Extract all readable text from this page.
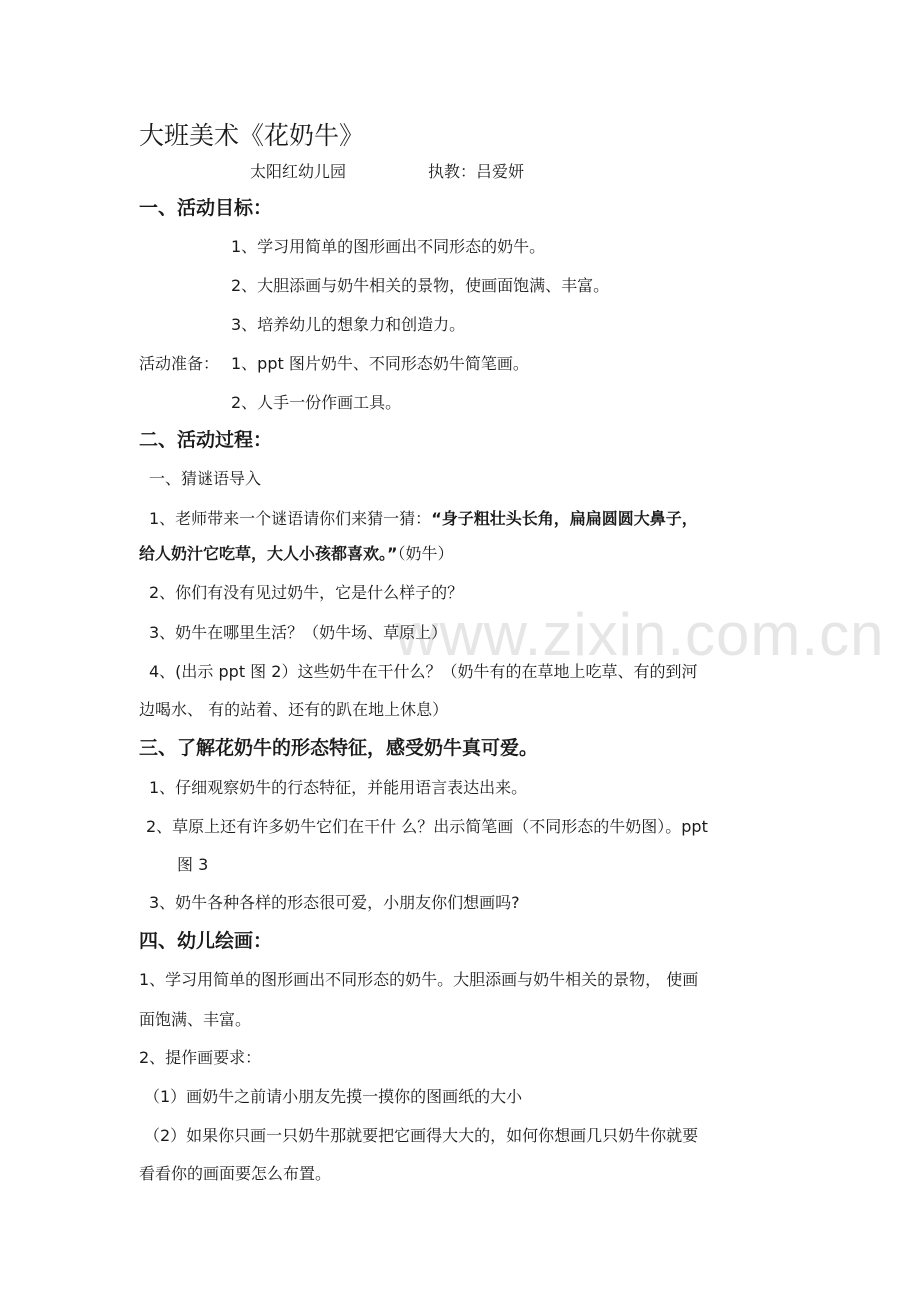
www.zixin.com.cn
大班美术《花奶牛》
太阳红幼儿园	执教：吕爱妍
一、活动目标：
1、学习用简单的图形画出不同形态的奶牛。
2、大胆添画与奶牛相关的景物，使画面饱满、丰富。
3、培养幼儿的想象力和创造力。
活动准备： 1、ppt 图片奶牛、不同形态奶牛简笔画。
2、人手一份作画工具。
二、活动过程：
一、猜谜语导入
1、老师带来一个谜语请你们来猜一猜：“身子粗壮头长角，扁扁圆圆大鼻子，
给人奶汁它吃草，大人小孩都喜欢。”（奶牛）
2、你们有没有见过奶牛，它是什么样子的？
3、奶牛在哪里生活？（奶牛场、草原上）
4、(出示 ppt 图 2）这些奶牛在干什么？（奶牛有的在草地上吃草、有的到河
边喝水、 有的站着、还有的趴在地上休息）
三、了解花奶牛的形态特征，感受奶牛真可爱。
1、仔细观察奶牛的行态特征，并能用语言表达出来。
2、草原上还有许多奶牛它们在干什 么？出示简笔画（不同形态的牛奶图）。ppt
图 3
3、奶牛各种各样的形态很可爱，小朋友你们想画吗?
四、幼儿绘画：
1、学习用简单的图形画出不同形态的奶牛。大胆添画与奶牛相关的景物， 使画
面饱满、丰富。
2、提作画要求：
（1）画奶牛之前请小朋友先摸一摸你的图画纸的大小
（2）如果你只画一只奶牛那就要把它画得大大的，如何你想画几只奶牛你就要
看看你的画面要怎么布置。
